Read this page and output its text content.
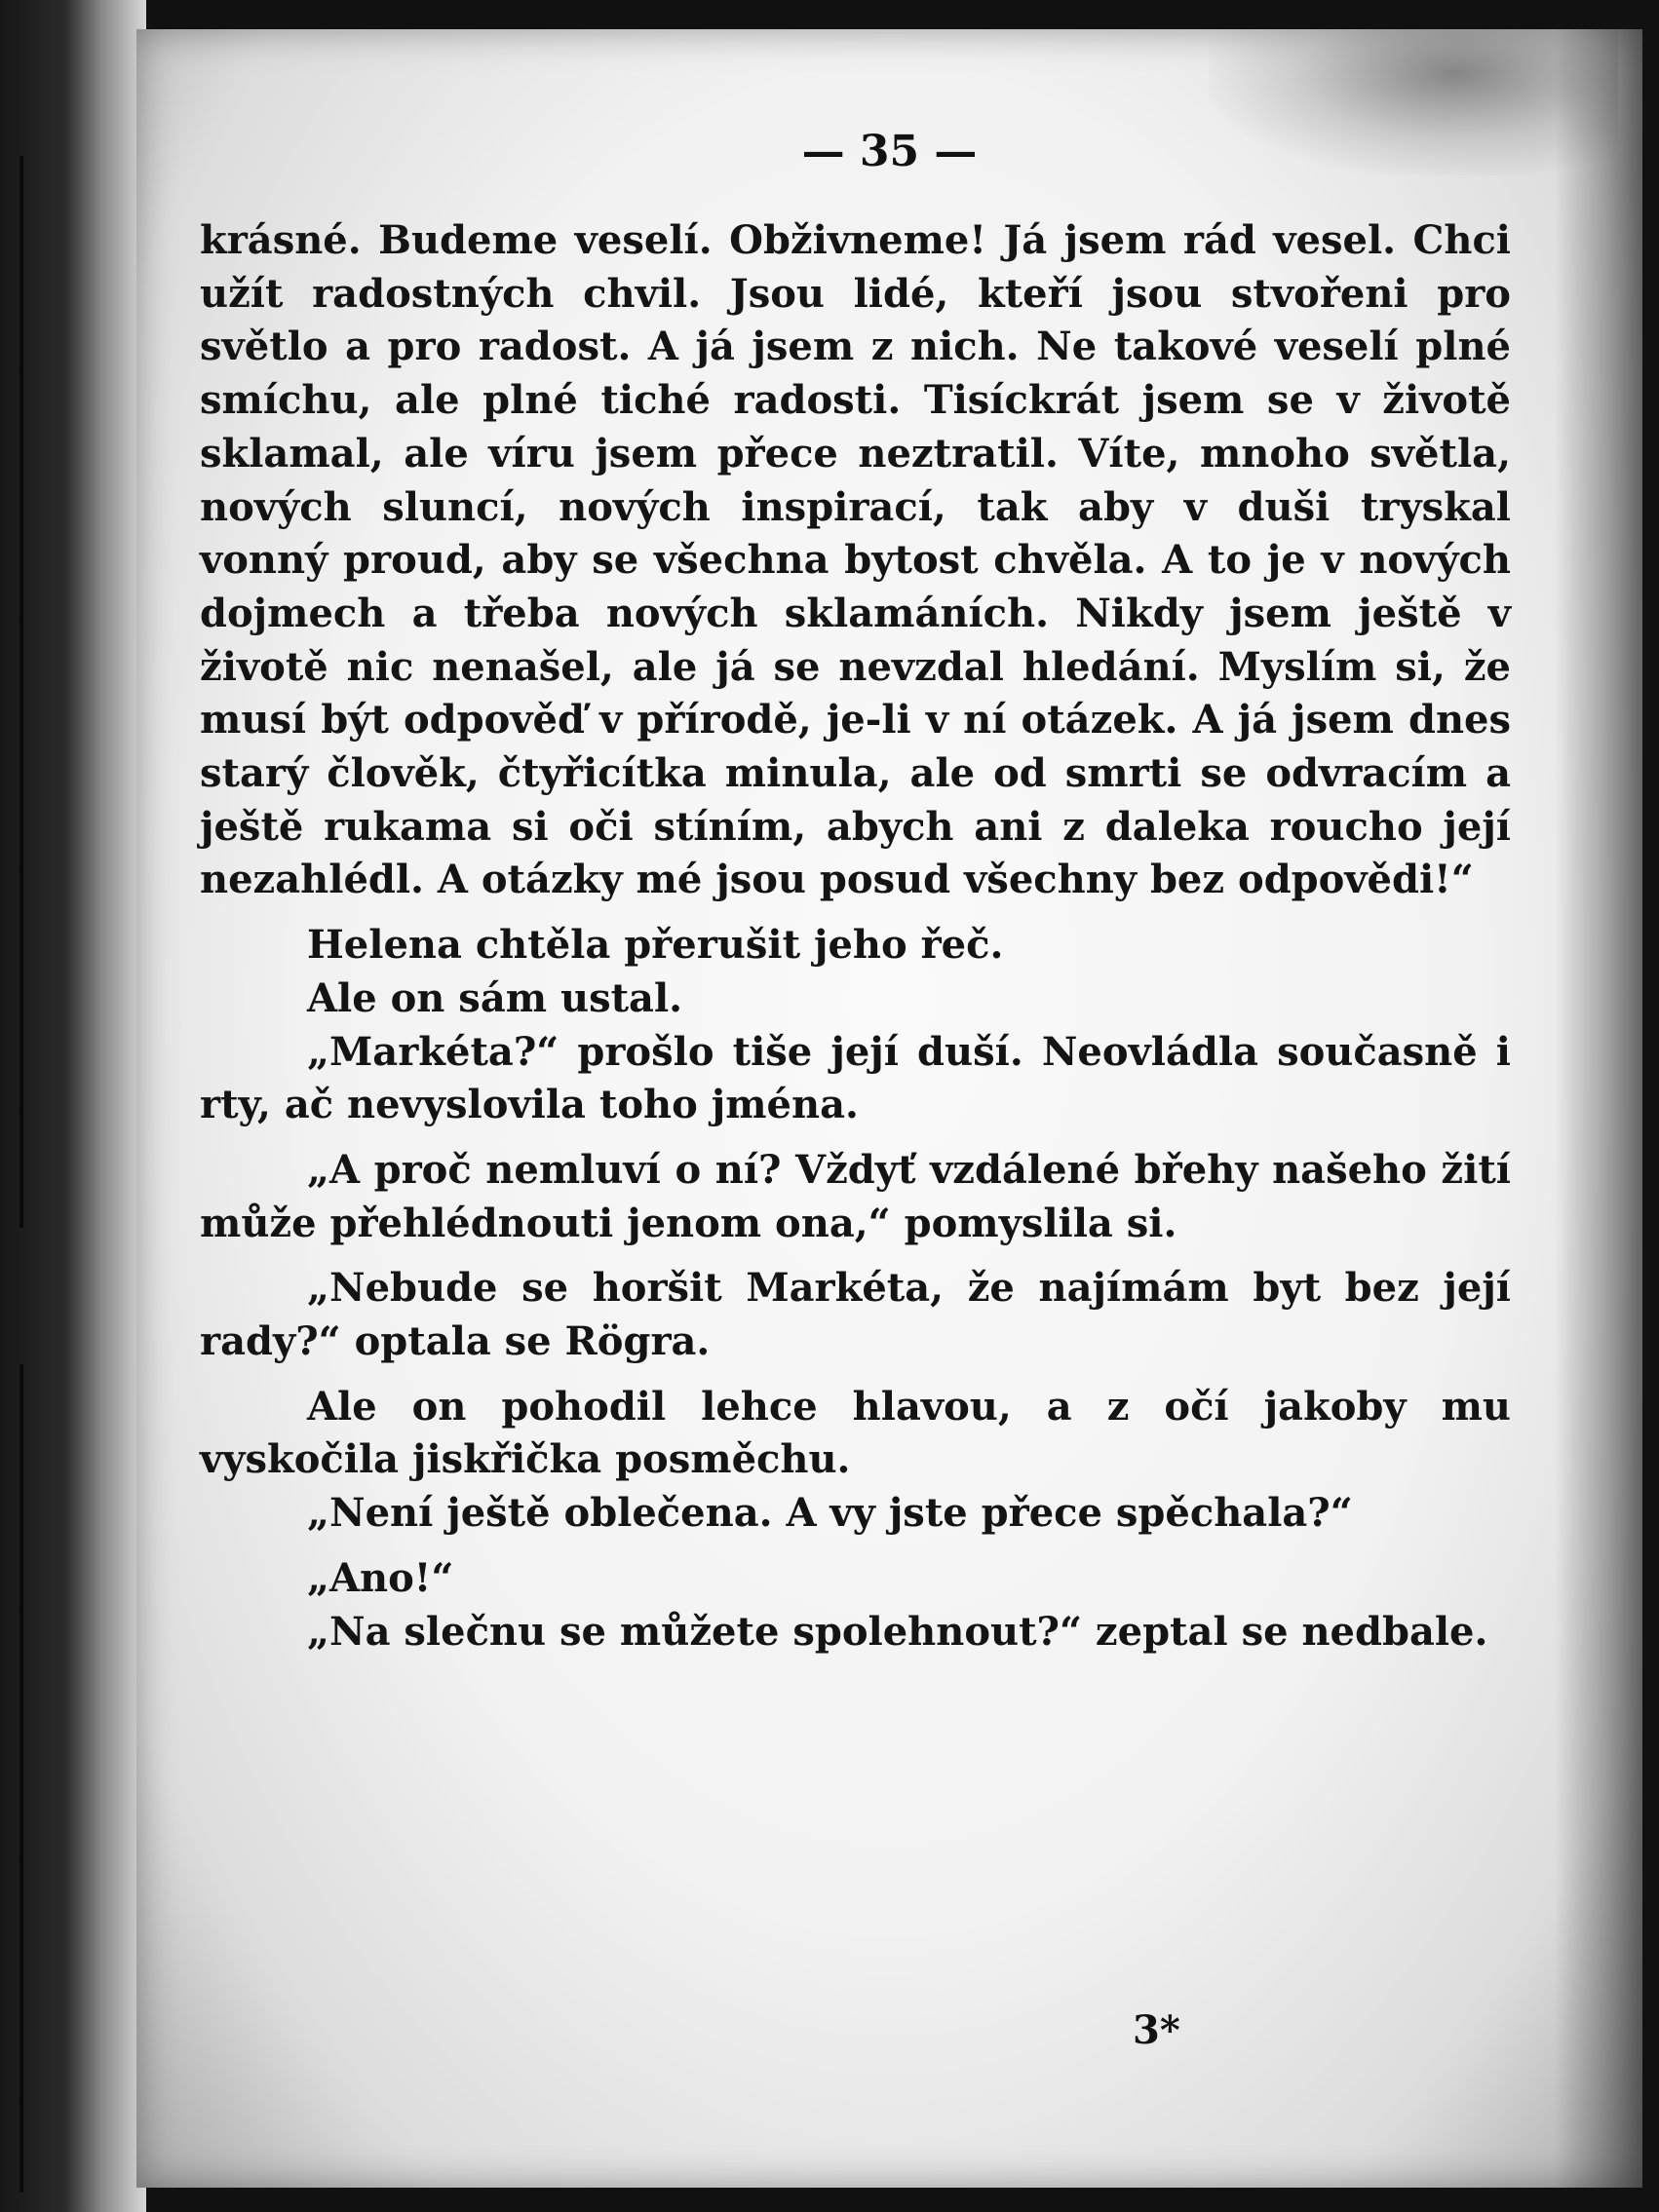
— 35 —

krásné. Budeme veselí. Obživneme! Já jsem rád vesel. Chci užít radostných chvil. Jsou lidé, kteří jsou stvořeni pro světlo a pro radost. A já jsem z nich. Ne takové veselí plné smíchu, ale plné tiché radosti. Tisíckrát jsem se v životě sklamal, ale víru jsem přece neztratil. Víte, mnoho světla, nových sluncí, nových inspirací, tak aby v duši tryskal vonný proud, aby se všechna bytost chvěla. A to je v nových dojmech a třeba nových sklamáních. Nikdy jsem ještě v životě nic nenašel, ale já se nevzdal hledání. Myslím si, že musí být odpověď v přírodě, je-li v ní otázek. A já jsem dnes starý člověk, čtyřicítka minula, ale od smrti se odvracím a ještě rukama si oči stíním, abych ani z daleka roucho její nezahlédl. A otázky mé jsou posud všechny bez odpovědi!“

Helena chtěla přerušit jeho řeč.

Ale on sám ustal.

„Markéta?“ prošlo tiše její duší. Neovládla současně i rty, ač nevyslovila toho jména.

„A proč nemluví o ní? Vždyť vzdálené břehy našeho žití může přehlédnouti jenom ona,“ pomyslila si.

„Nebude se horšit Markéta, že najímám byt bez její rady?“ optala se Rögra.

Ale on pohodil lehce hlavou, a z očí jakoby mu vyskočila jiskřička posměchu.

„Není ještě oblečena. A vy jste přece spěchala?“

„Ano!“

„Na slečnu se můžete spolehnout?“ zeptal se nedbale.

3*
